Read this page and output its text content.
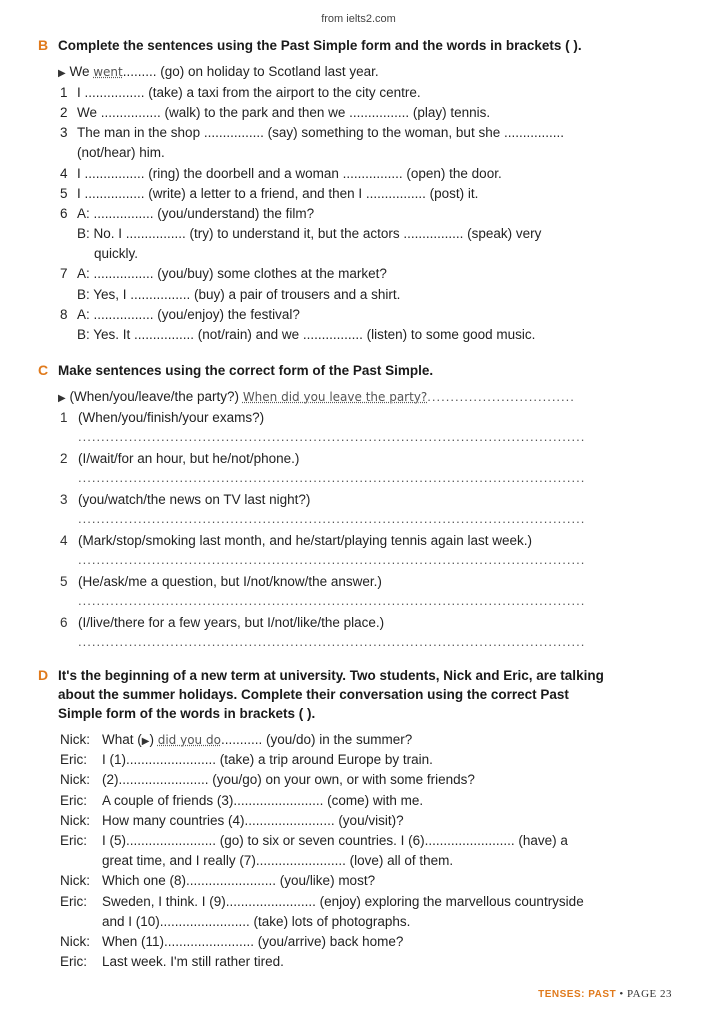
from ielts2.com
B Complete the sentences using the Past Simple form and the words in brackets ( ).
▶ We went......... (go) on holiday to Scotland last year.
1 I ................ (take) a taxi from the airport to the city centre.
2 We ................ (walk) to the park and then we ................ (play) tennis.
3 The man in the shop ................ (say) something to the woman, but she ................
(not/hear) him.
4 I ................ (ring) the doorbell and a woman ................ (open) the door.
5 I ................ (write) a letter to a friend, and then I ................ (post) it.
6 A: ................ (you/understand) the film?
B: No. I ................ (try) to understand it, but the actors ................ (speak) very
quickly.
7 A: ................ (you/buy) some clothes at the market?
B: Yes, I ................ (buy) a pair of trousers and a shirt.
8 A: ................ (you/enjoy) the festival?
B: Yes. It ................ (not/rain) and we ................ (listen) to some good music.
C Make sentences using the correct form of the Past Simple.
▶ (When/you/leave/the party?) When did you leave the party?................................
1 (When/you/finish/your exams?)
..............................................................................................................
2 (I/wait/for an hour, but he/not/phone.)
..............................................................................................................
3 (you/watch/the news on TV last night?)
..............................................................................................................
4 (Mark/stop/smoking last month, and he/start/playing tennis again last week.)
..............................................................................................................
5 (He/ask/me a question, but I/not/know/the answer.)
..............................................................................................................
6 (I/live/there for a few years, but I/not/like/the place.)
..............................................................................................................
D It's the beginning of a new term at university. Two students, Nick and Eric, are talking
about the summer holidays. Complete their conversation using the correct Past
Simple form of the words in brackets ( ).
Nick: What (▶) did you do........... (you/do) in the summer?
Eric: I (1)........................ (take) a trip around Europe by train.
Nick: (2)........................ (you/go) on your own, or with some friends?
Eric: A couple of friends (3)........................ (come) with me.
Nick: How many countries (4)........................ (you/visit)?
Eric: I (5)........................ (go) to six or seven countries. I (6)........................ (have) a
great time, and I really (7)........................ (love) all of them.
Nick: Which one (8)........................ (you/like) most?
Eric: Sweden, I think. I (9)........................ (enjoy) exploring the marvellous countryside
and I (10)........................ (take) lots of photographs.
Nick: When (11)........................ (you/arrive) back home?
Eric: Last week. I'm still rather tired.
TENSES: PAST • PAGE 23
